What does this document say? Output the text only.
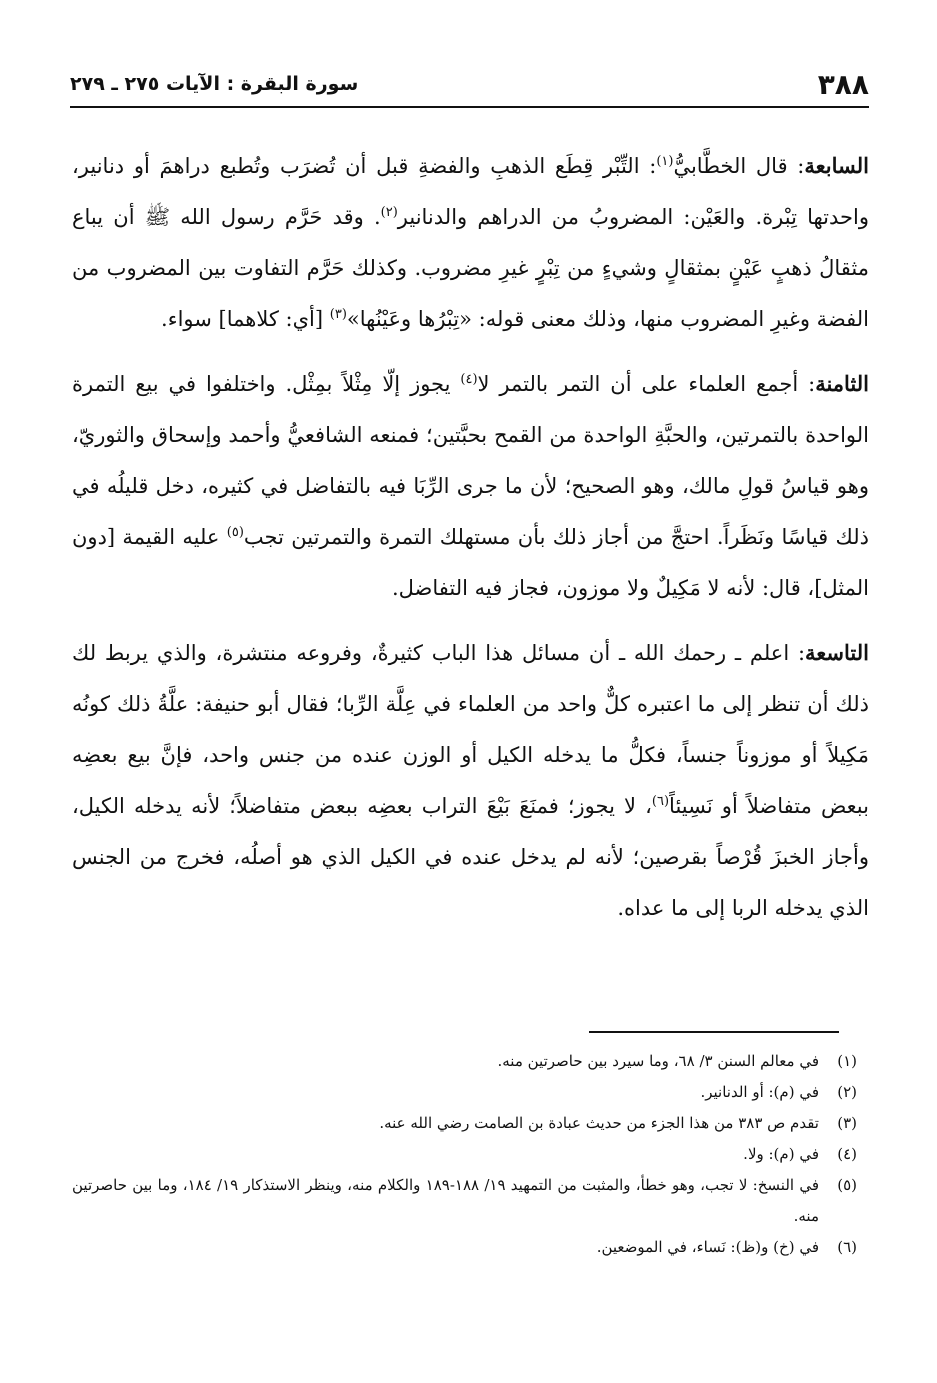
٣٨٨
سورة البقرة : الآيات ٢٧٥ ـ ٢٧٩

السابعة: قال الخطَّابيُّ$^{(١)}$: التِّبْر قِطَع الذهبِ والفضةِ قبل أن تُضرَب وتُطبع دراهمَ أو دنانير، واحدتها تِبْرة. والعَيْن: المضروبُ من الدراهم والدنانير$^{(٢)}$. وقد حَرَّم رسول الله ﷺ أن يباع مثقالُ ذهبٍ عَيْنٍ بمثقالٍ وشيءٍ من تِبْرٍ غيرِ مضروب. وكذلك حَرَّم التفاوت بين المضروب من الفضة وغيرِ المضروب منها، وذلك معنى قوله: «تِبْرُها وعَيْنُها»$^{(٣)}$ [أي: كلاهما] سواء.

الثامنة: أجمع العلماء على أن التمر بالتمر لا$^{(٤)}$ يجوز إلّا مِثْلاً بمِثْل. واختلفوا في بيع التمرة الواحدة بالتمرتين، والحبَّةِ الواحدة من القمح بحبَّتين؛ فمنعه الشافعيُّ وأحمد وإسحاق والثوريّ، وهو قياسُ قولِ مالك، وهو الصحيح؛ لأن ما جرى الرِّبَا فيه بالتفاضل في كثيره، دخل قليلُه في ذلك قياسًا ونَظَراً. احتجَّ من أجاز ذلك بأن مستهلك التمرة والتمرتين تجب$^{(٥)}$ عليه القيمة [دون المثل]، قال: لأنه لا مَكِيلٌ ولا موزون، فجاز فيه التفاضل.

التاسعة: اعلم ـ رحمك الله ـ أن مسائل هذا الباب كثيرةٌ، وفروعه منتشرة، والذي يربط لك ذلك أن تنظر إلى ما اعتبره كلٌّ واحد من العلماء في عِلَّة الرِّبا؛ فقال أبو حنيفة: علَّةُ ذلك كونُه مَكِيلاً أو موزوناً جنساً، فكلُّ ما يدخله الكيل أو الوزن عنده من جنس واحد، فإنَّ بيع بعضِه ببعض متفاضلاً أو نَسِيئاً$^{(٦)}$، لا يجوز؛ فمنَعَ بَيْعَ التراب بعضِه ببعض متفاضلاً؛ لأنه يدخله الكيل، وأجاز الخبزَ قُرْصاً بقرصين؛ لأنه لم يدخل عنده في الكيل الذي هو أصلُه، فخرج من الجنس الذي يدخله الربا إلى ما عداه.

(١)
في معالم السنن ٣/ ٦٨، وما سيرد بين حاصرتين منه.
(٢)
في (م): أو الدنانير.
(٣)
تقدم ص ٣٨٣ من هذا الجزء من حديث عبادة بن الصامت رضي الله عنه.
(٤)
في (م): ولا.
(٥)
في النسخ: لا تجب، وهو خطأ، والمثبت من التمهيد ١٩/ ١٨٨-١٨٩ والكلام منه، وينظر الاستذكار ١٩/ ١٨٤، وما بين حاصرتين منه.
(٦)
في (خ) و(ظ): نَساء، في الموضعين.
